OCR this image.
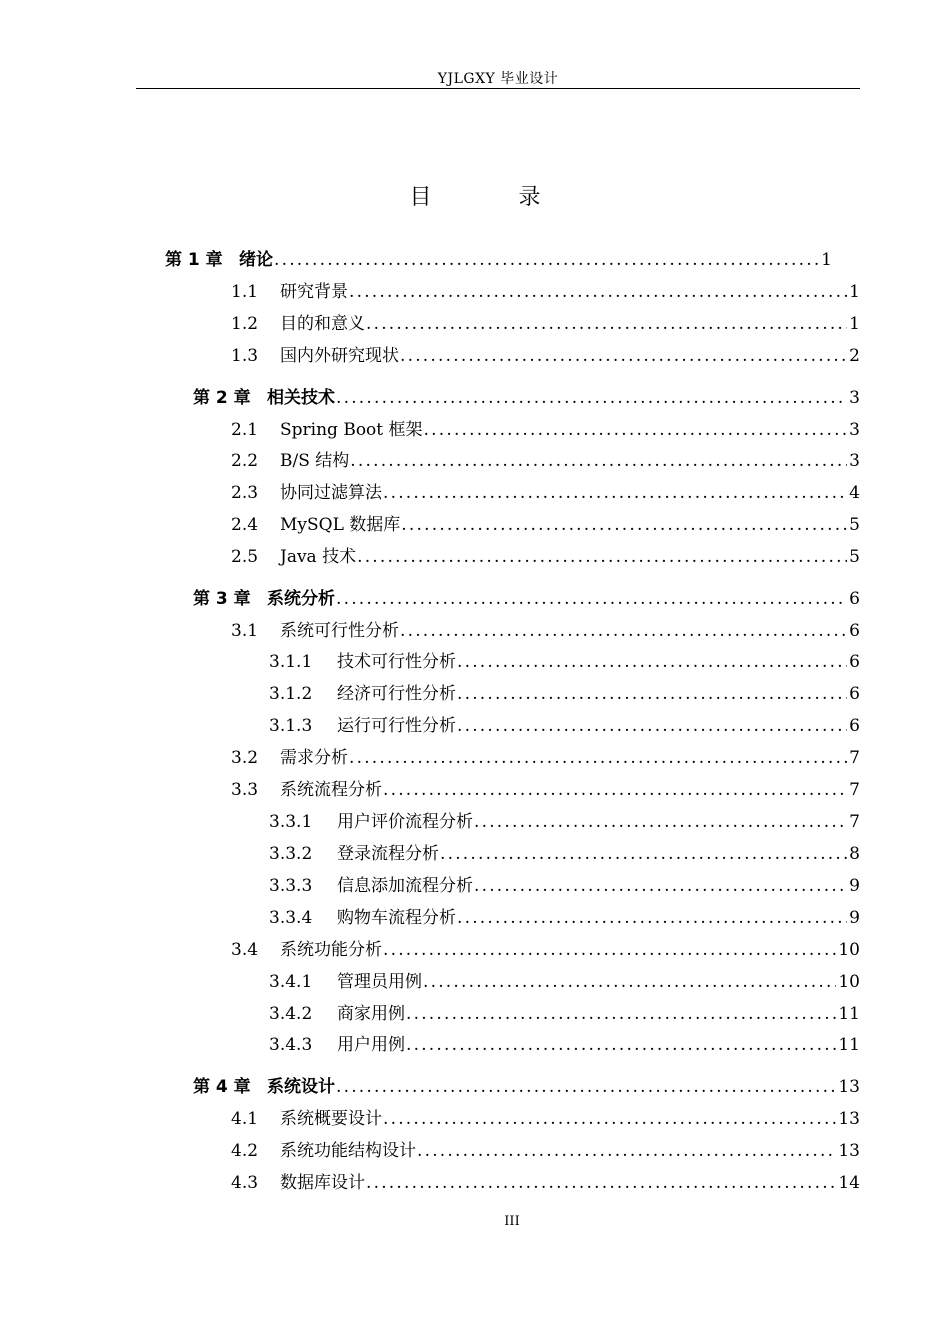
YJLGXY 毕业设计
目 录
第 1 章 绪论 .....	1
1.1	研究背景 .....	1
1.2	目的和意义 .....	1
1.3	国内外研究现状 .....	2
第 2 章 相关技术 .....	3
2.1	Spring Boot 框架 .....	3
2.2	B/S 结构 .....	3
2.3	协同过滤算法 .....	4
2.4	MySQL 数据库 .....	5
2.5	Java 技术 .....	5
第 3 章 系统分析 .....	6
3.1	系统可行性分析 .....	6
3.1.1	技术可行性分析 .....	6
3.1.2	经济可行性分析 .....	6
3.1.3	运行可行性分析 .....	6
3.2	需求分析 .....	7
3.3	系统流程分析 .....	7
3.3.1	用户评价流程分析 .....	7
3.3.2	登录流程分析 .....	8
3.3.3	信息添加流程分析 .....	9
3.3.4	购物车流程分析 .....	9
3.4	系统功能分析 .....	10
3.4.1	管理员用例 .....	10
3.4.2	商家用例 .....	11
3.4.3	用户用例 .....	11
第 4 章 系统设计 .....	13
4.1	系统概要设计 .....	13
4.2	系统功能结构设计 .....	13
4.3	数据库设计 .....	14
III
